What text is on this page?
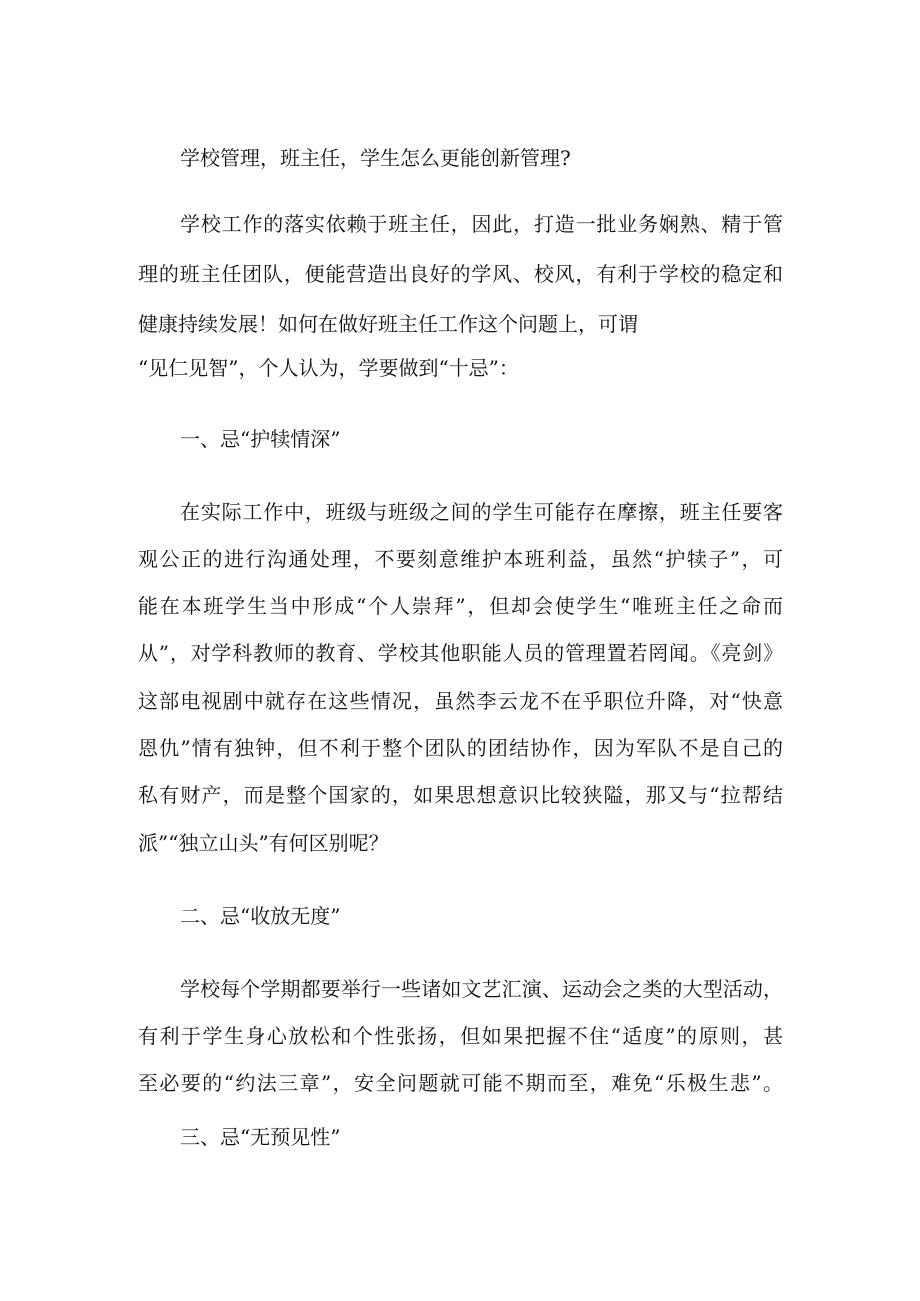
学校管理，班主任，学生怎么更能创新管理?
学校工作的落实依赖于班主任，因此，打造一批业务娴熟、精于管
理的班主任团队，便能营造出良好的学风、校风，有利于学校的稳定和
健康持续发展！如何在做好班主任工作这个问题上，可谓
“见仁见智”，个人认为，学要做到“十忌”：
一、忌“护犊情深”
在实际工作中，班级与班级之间的学生可能存在摩擦，班主任要客
观公正的进行沟通处理，不要刻意维护本班利益，虽然“护犊子”，可
能在本班学生当中形成“个人崇拜”，但却会使学生“唯班主任之命而
从”，对学科教师的教育、学校其他职能人员的管理置若罔闻。《亮剑》
这部电视剧中就存在这些情况，虽然李云龙不在乎职位升降，对“快意
恩仇”情有独钟，但不利于整个团队的团结协作，因为军队不是自己的
私有财产，而是整个国家的，如果思想意识比较狭隘，那又与“拉帮结
派”“独立山头”有何区别呢？
二、忌“收放无度”
学校每个学期都要举行一些诸如文艺汇演、运动会之类的大型活动，
有利于学生身心放松和个性张扬，但如果把握不住“适度”的原则，甚
至必要的“约法三章”，安全问题就可能不期而至，难免“乐极生悲”。
三、忌“无预见性”
